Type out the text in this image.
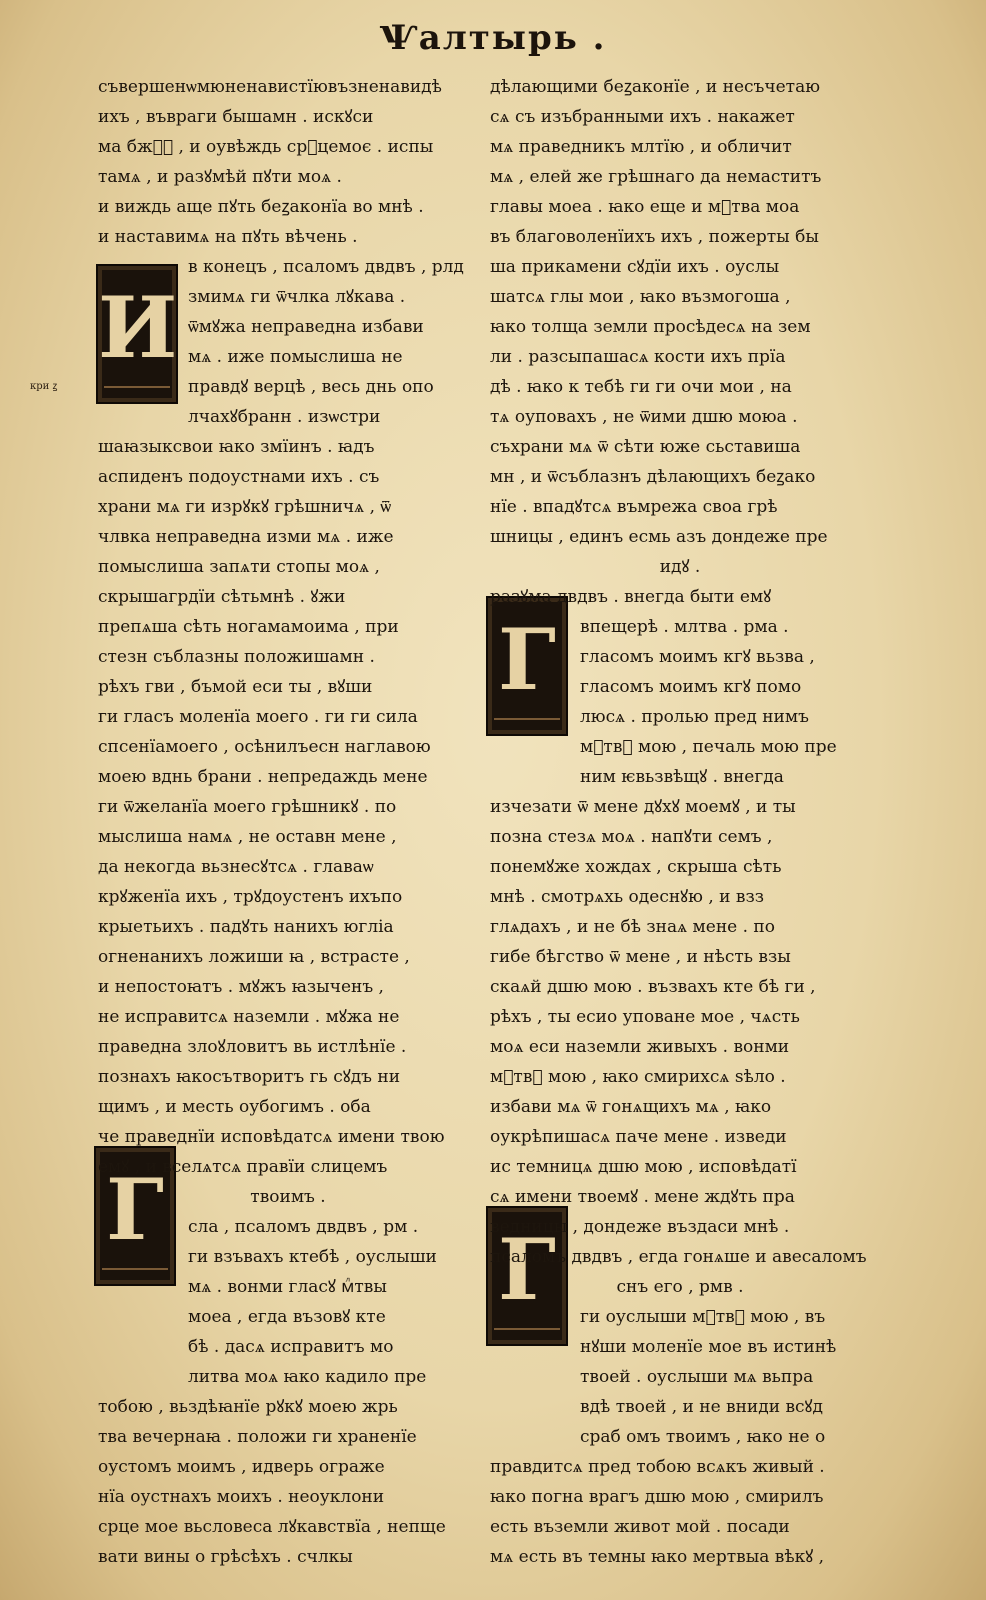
Ѱалтырь .
кри ꙁ
И
Г
Г
Г
съвершенѡмюненавистїювъзненавидѣ
ихъ , въвраги бышамн . искꙋси
ма бжⷵ҇ , и оувѣждь срⷣцемоє . испы
тамѧ , и разꙋмѣй пꙋти моѧ .
и виждь аще пꙋть беꙁаконїа во мнѣ .
и наставимѧ на пꙋть вѣчень .
в конецъ , псаломъ двдвъ , рлд
змимѧ ги ѿчлка лꙋкава .
ѿмꙋжа неправедна избави
мѧ . иже помыслиша не
правдꙋ верцѣ , весь днь опо
лчахꙋбранн . изѡстри
шаꙗзыксвои ꙗко змїинъ . ꙗдъ
аспиденъ подоустнами ихъ . съ
храни мѧ ги изрꙋкꙋ грѣшничѧ , ѿ
члвка неправедна изми мѧ . иже
помыслиша запѧти стопы моѧ ,
скрышагрдїи сѣтьмнѣ . ꙋжи
препѧша сѣть ногамамоима , при
стезн съблазны положишамн .
рѣхъ гви , бъмой еси ты , вꙋши
ги гласъ моленїа моего . ги ги сила
спсенїамоего , осѣнилъесн наглавою
моею вднь брани . непредаждь мене
ги ѿжеланїа моего грѣшникꙋ . по
мыслиша намѧ , не оставн мене ,
да некогда вьзнесꙋтсѧ . главаѡ
крꙋженїа ихъ , трꙋдоустенъ ихъпо
крыетьихъ . падꙋть нанихъ югліа
огненанихъ ложиши ꙗ , встрасте ,
и непостоꙗтъ . мꙋжъ ꙗзыченъ ,
не исправитсѧ наземли . мꙋжа не
праведна злоꙋловитъ вь истлѣнїе .
познахъ ꙗкосътворитъ гь сꙋдъ ни
щимъ , и месть оубогимъ . оба
че праведнїи исповѣдатсѧ имени твою
емꙋ , и вселѧтсѧ правїи слицемъ
твоимъ .
сла , псаломъ двдвъ , рм .
ги взъвахъ ктебѣ , оуслыши
мѧ . вонми гласꙋ мⷧтвы
моеа , егда възовꙋ кте
бѣ . дасѧ исправитъ мо
литва моѧ ꙗко кадило пре
тобою , вьздѣꙗнїе рꙋкꙋ моею жрь
тва вечернаꙗ . положи ги храненїе
оустомъ моимъ , идверь ограже
нїа оустнахъ моихъ . неоуклони
срце мое вьсловеса лꙋкавствїа , непще
вати вины о грѣсѣхъ . счлкы
дѣлающими беꙁаконїе , и несъчетаю
сѧ съ изъбранными ихъ . накажет
мѧ праведникъ млтїю , и обличит
мѧ , елей же грѣшнаго да немаститъ
главы моеа . ꙗко еще и мⷧтва моа
въ благоволенїихъ ихъ , пожерты бы
ша прикамени сꙋдїи ихъ . оуслы
шатсѧ глы мои , ꙗко възмогоша ,
ꙗко толща земли просѣдесѧ на зем
ли . разсыпашасѧ кости ихъ прїа
дѣ . ꙗко к тебѣ ги ги очи мои , на
тѧ оуповахъ , не ѿими дшю моюа .
съхрани мѧ ѿ сѣти юже сьставиша
мн , и ѿсъблазнъ дѣлающихъ беꙁако
нїе . впадꙋтсѧ въмрежа своа грѣ
шницы , единъ есмь азъ дондеже пре
идꙋ .
разꙋма двдвъ . внегда быти емꙋ
впещерѣ . млтва . рма .
гласомъ моимъ кгꙋ вьзва ,
гласомъ моимъ кгꙋ помо
люсѧ . пролью пред нимъ
мⷧтвꙋ мою , печаль мою пре
ним ѥвьзвѣщꙋ . внегда
изчезати ѿ мене дꙋхꙋ моемꙋ , и ты
позна стезѧ моѧ . напꙋти семъ ,
понемꙋже хождах , скрыша сѣть
мнѣ . смотрѧхь одеснꙋю , и взз
глѧдахъ , и не бѣ знаѧ мене . по
гибе бѣгство ѿ мене , и нѣсть взы
скаѧй дшю мою . възвахъ кте бѣ ги ,
рѣхъ , ты есио уповане мое , чѧсть
моѧ еси наземли живыхъ . вонми
мⷧтвꙋ мою , ꙗко смирихсѧ ѕѣло .
избави мѧ ѿ гонѧщихъ мѧ , ꙗко
оукрѣпишасѧ паче мене . изведи
ис темницѧ дшю мою , исповѣдатї
сѧ имени твоемꙋ . мене ждꙋть пра
ведницы , дондеже въздаси мнѣ .
псаломъ двдвъ , егда гонѧше и авесаломъ
снъ его , рмв .
ги оуслыши мⷧтвꙋ мою , въ
нꙋши моленїе мое въ истинѣ
твоей . оуслыши мѧ вьпра
вдѣ твоей , и не вниди всꙋд
сраб омъ твоимъ , ꙗко не о
правдитсѧ пред тобою всѧкъ живый .
ꙗко погна врагъ дшю мою , смирилъ
есть въземли живот мой . посади
мѧ есть въ темны ꙗко мертвыа вѣкꙋ ,
